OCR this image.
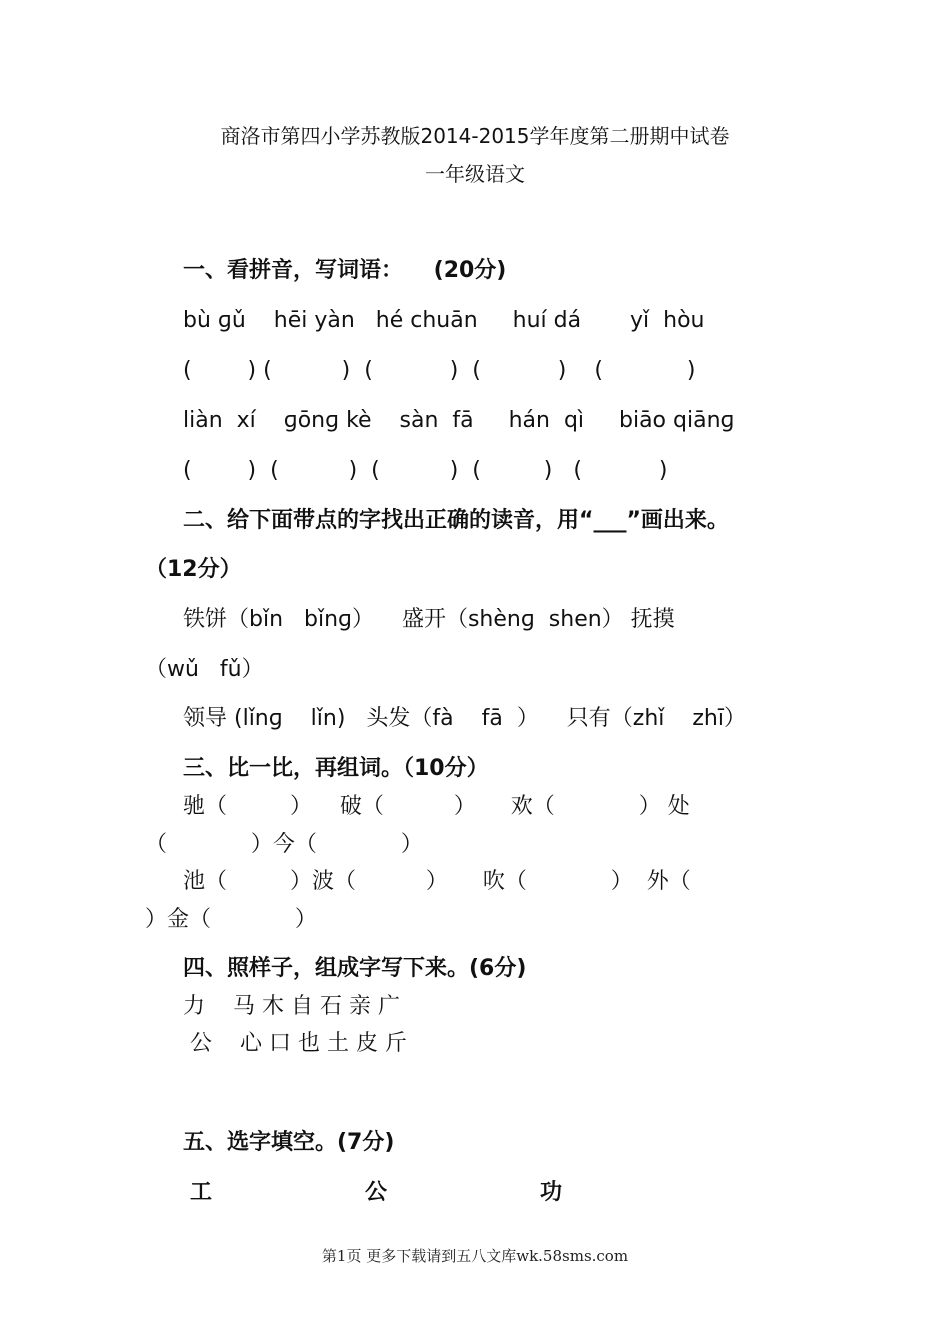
商洛市第四小学苏教版2014-2015学年度第二册期中试卷
一年级语文
一、看拼音，写词语：    (20分)
bù ɡǔ    hēi yàn   hé chuān     huí dá       yǐ  hòu
(        ) (          )  (           )  (           )    (            )
liàn  xí    ɡōnɡ kè    sàn  fā     hán  qì     biāo qiānɡ
(        )  (          )  (          )  (         )   (           )
二、给下面带点的字找出正确的读音，用“___”画出来。
（12分）
铁饼（bǐn   bǐnɡ）    盛开（shènɡ  shen） 抚摸
（wǔ   fǔ）
领导 (lǐnɡ    lǐn)   头发（fà    fā  ）    只有（zhǐ    zhī）
三、比一比，再组词。（10分）
驰（         ）    破（          ）     欢（            ） 处
（            ）今（            ）
池（         ）波（          ）     吹（            ）  外（
）金（            ）
四、照样子，组成字写下来。(6分)
力    马 木 自 石 亲 广
公    心 口 也 土 皮 斤
五、选字填空。(7分)
工	公	功
第1页 更多下载请到五八文库wk.58sms.com
